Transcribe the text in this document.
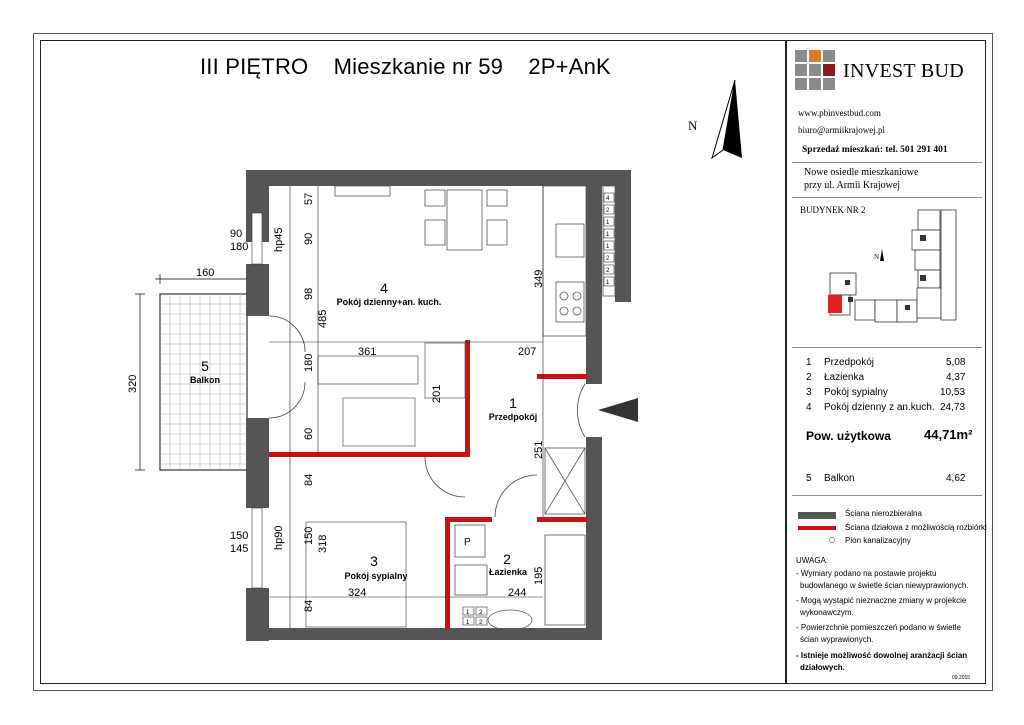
III PIĘTRO Mieszkanie nr 59 2P+AnK
N
1 2
1 2
4
2
1
1
1
2
2
1
160
320
90
180 hp45
150
145 hp90
57
90
98
485
180
60
84
150 318
84
361	207
349
201
251
324	244
195
4
Pokój dzienny+an. kuch.
5
Balkon
1
Przedpokój
3
Pokój sypialny
2
Łazienka
P
INVEST BUD
www.pbinvestbud.com
biuro@armiikrajowej.pl
Sprzedaż mieszkań: tel. 501 291 401
Nowe osiedle mieszkaniowe
przy ul. Armii Krajowej
BUDYNEK NR 2
N
1 Przedpokój	5,08
2 Łazienka	4,37
3 Pokój sypialny	10,53
4 Pokój dzienny z an.kuch. 24,73
Pow. użytkowa	44,71m²
5 Balkon	4,62
Ściana nierozbieralna
Ściana działowa z możliwością rozbiórki
Pion kanalizacyjny
UWAGA:
- Wymiary podano na postawie projektu
budowlanego w świetle ścian niewyprawionych.
- Mogą wystąpić nieznaczne zmiany w projekcie
wykonawczym.
- Powierzchnie pomieszczeń podano w świetle
ścian wyprawionych.
- Istnieje możliwość dowolnej aranżacji ścian
działowych.
09.2015
